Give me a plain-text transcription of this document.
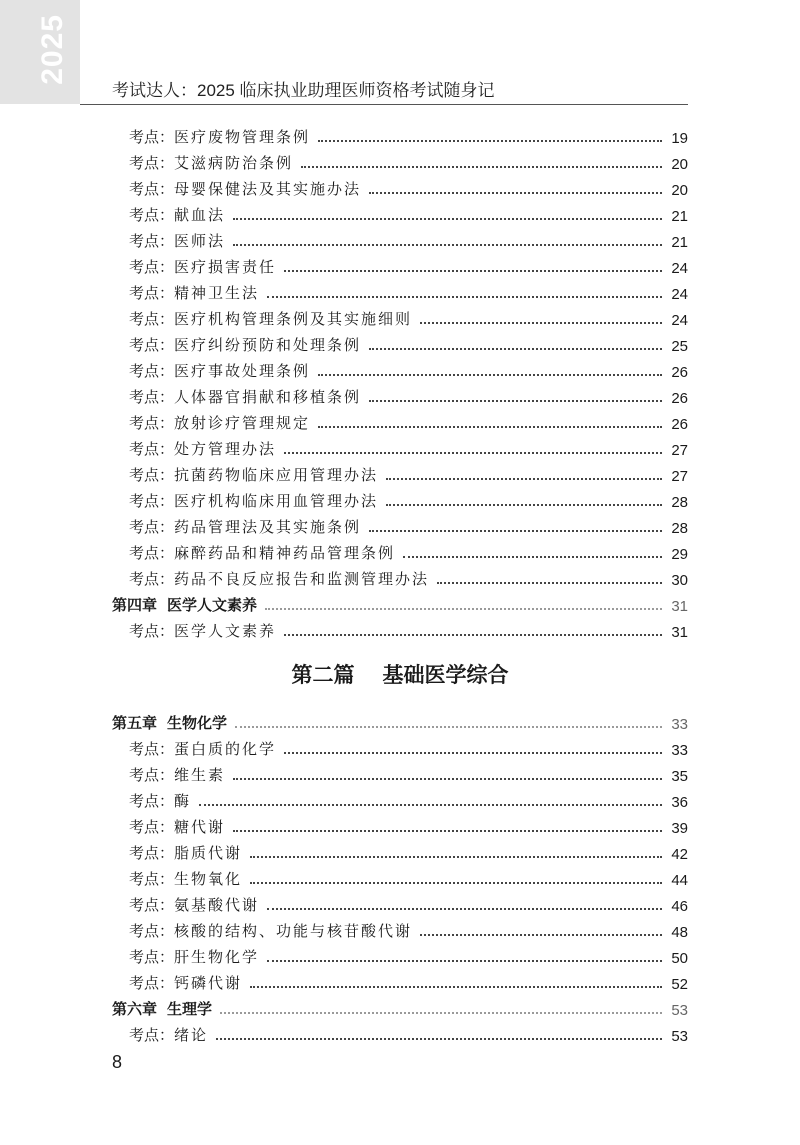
2025
考试达人：2025 临床执业助理医师资格考试随身记
考点：医疗废物管理条例	19
考点：艾滋病防治条例	20
考点：母婴保健法及其实施办法	20
考点：献血法	21
考点：医师法	21
考点：医疗损害责任	24
考点：精神卫生法	24
考点：医疗机构管理条例及其实施细则	24
考点：医疗纠纷预防和处理条例	25
考点：医疗事故处理条例	26
考点：人体器官捐献和移植条例	26
考点：放射诊疗管理规定	26
考点：处方管理办法	27
考点：抗菌药物临床应用管理办法	27
考点：医疗机构临床用血管理办法	28
考点：药品管理法及其实施条例	28
考点：麻醉药品和精神药品管理条例	29
考点：药品不良反应报告和监测管理办法	30
第四章 医学人文素养	31
考点：医学人文素养	31
第二篇 基础医学综合
第五章 生物化学	33
考点：蛋白质的化学	33
考点：维生素	35
考点：酶	36
考点：糖代谢	39
考点：脂质代谢	42
考点：生物氧化	44
考点：氨基酸代谢	46
考点：核酸的结构、功能与核苷酸代谢	48
考点：肝生物化学	50
考点：钙磷代谢	52
第六章 生理学	53
考点：绪论	53
8
